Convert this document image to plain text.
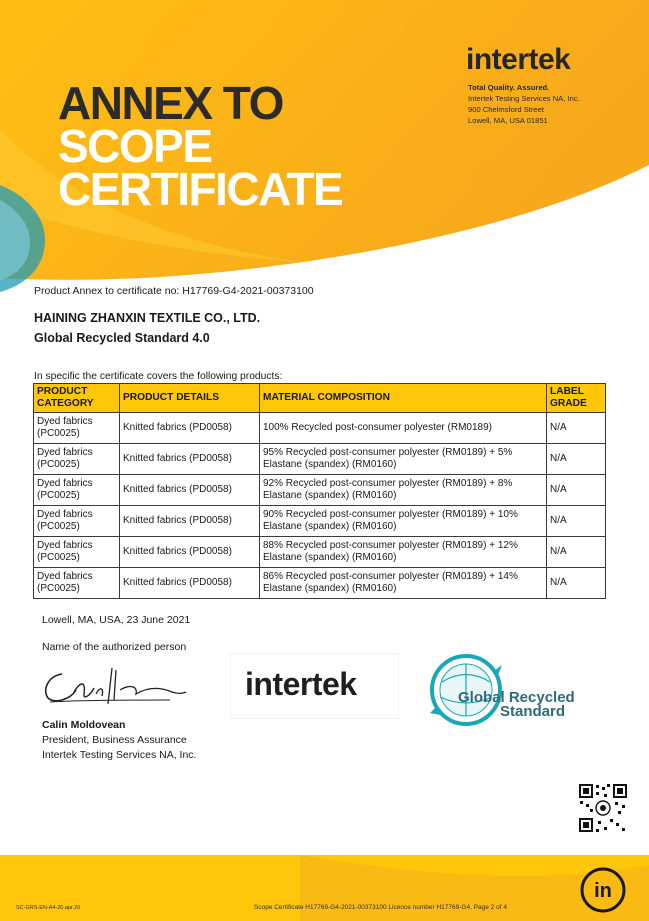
ANNEX TO
SCOPE
CERTIFICATE
intertek
Total Quality. Assured.
Intertek Testing Services NA, Inc.
900 Chelmsford Street
Lowell, MA, USA 01851
Product Annex to certificate no: H17769-G4-2021-00373100
HAINING ZHANXIN TEXTILE CO., LTD.
Global Recycled Standard 4.0
In specific the certificate covers the following products:
PRODUCT CATEGORY	PRODUCT DETAILS	MATERIAL COMPOSITION	LABEL GRADE
Dyed fabrics (PC0025)	Knitted fabrics (PD0058)	100% Recycled post-consumer polyester (RM0189)	N/A
Dyed fabrics (PC0025)	Knitted fabrics (PD0058)	95% Recycled post-consumer polyester (RM0189) + 5% Elastane (spandex) (RM0160)	N/A
Dyed fabrics (PC0025)	Knitted fabrics (PD0058)	92% Recycled post-consumer polyester (RM0189) + 8% Elastane (spandex) (RM0160)	N/A
Dyed fabrics (PC0025)	Knitted fabrics (PD0058)	90% Recycled post-consumer polyester (RM0189) + 10% Elastane (spandex) (RM0160)	N/A
Dyed fabrics (PC0025)	Knitted fabrics (PD0058)	88% Recycled post-consumer polyester (RM0189) + 12% Elastane (spandex) (RM0160)	N/A
Dyed fabrics (PC0025)	Knitted fabrics (PD0058)	86% Recycled post-consumer polyester (RM0189) + 14% Elastane (spandex) (RM0160)	N/A
Lowell, MA, USA, 23 June 2021
Name of the authorized person
Calin Moldovean
President, Business Assurance
Intertek Testing Services NA, Inc.
intertek	Global Recycled
Standard
SC-GRS-EN-A4-20.apr.20	Scope Certificate H17769-G4-2021-00373100 Licence number H17769-G4, Page 2 of 4
in
